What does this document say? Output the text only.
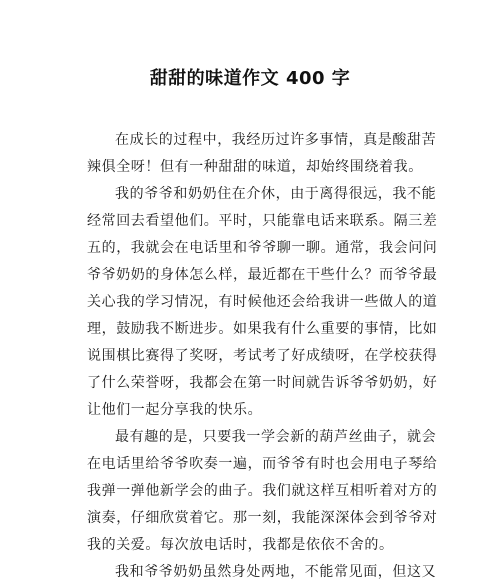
甜甜的味道作文 400 字

在成长的过程中，我经历过许多事情，真是酸甜苦

辣俱全呀！但有一种甜甜的味道，却始终围绕着我。

我的爷爷和奶奶住在介休，由于离得很远，我不能

经常回去看望他们。平时，只能靠电话来联系。隔三差

五的，我就会在电话里和爷爷聊一聊。通常，我会问问

爷爷奶奶的身体怎么样，最近都在干些什么？而爷爷最

关心我的学习情况，有时候他还会给我讲一些做人的道

理，鼓励我不断进步。如果我有什么重要的事情，比如

说围棋比赛得了奖呀，考试考了好成绩呀，在学校获得

了什么荣誉呀，我都会在第一时间就告诉爷爷奶奶，好

让他们一起分享我的快乐。

最有趣的是，只要我一学会新的葫芦丝曲子，就会

在电话里给爷爷吹奏一遍，而爷爷有时也会用电子琴给

我弹一弹他新学会的曲子。我们就这样互相听着对方的

演奏，仔细欣赏着它。那一刻，我能深深体会到爷爷对

我的关爱。每次放电话时，我都是依依不舍的。

我和爷爷奶奶虽然身处两地，不能常见面，但这又
